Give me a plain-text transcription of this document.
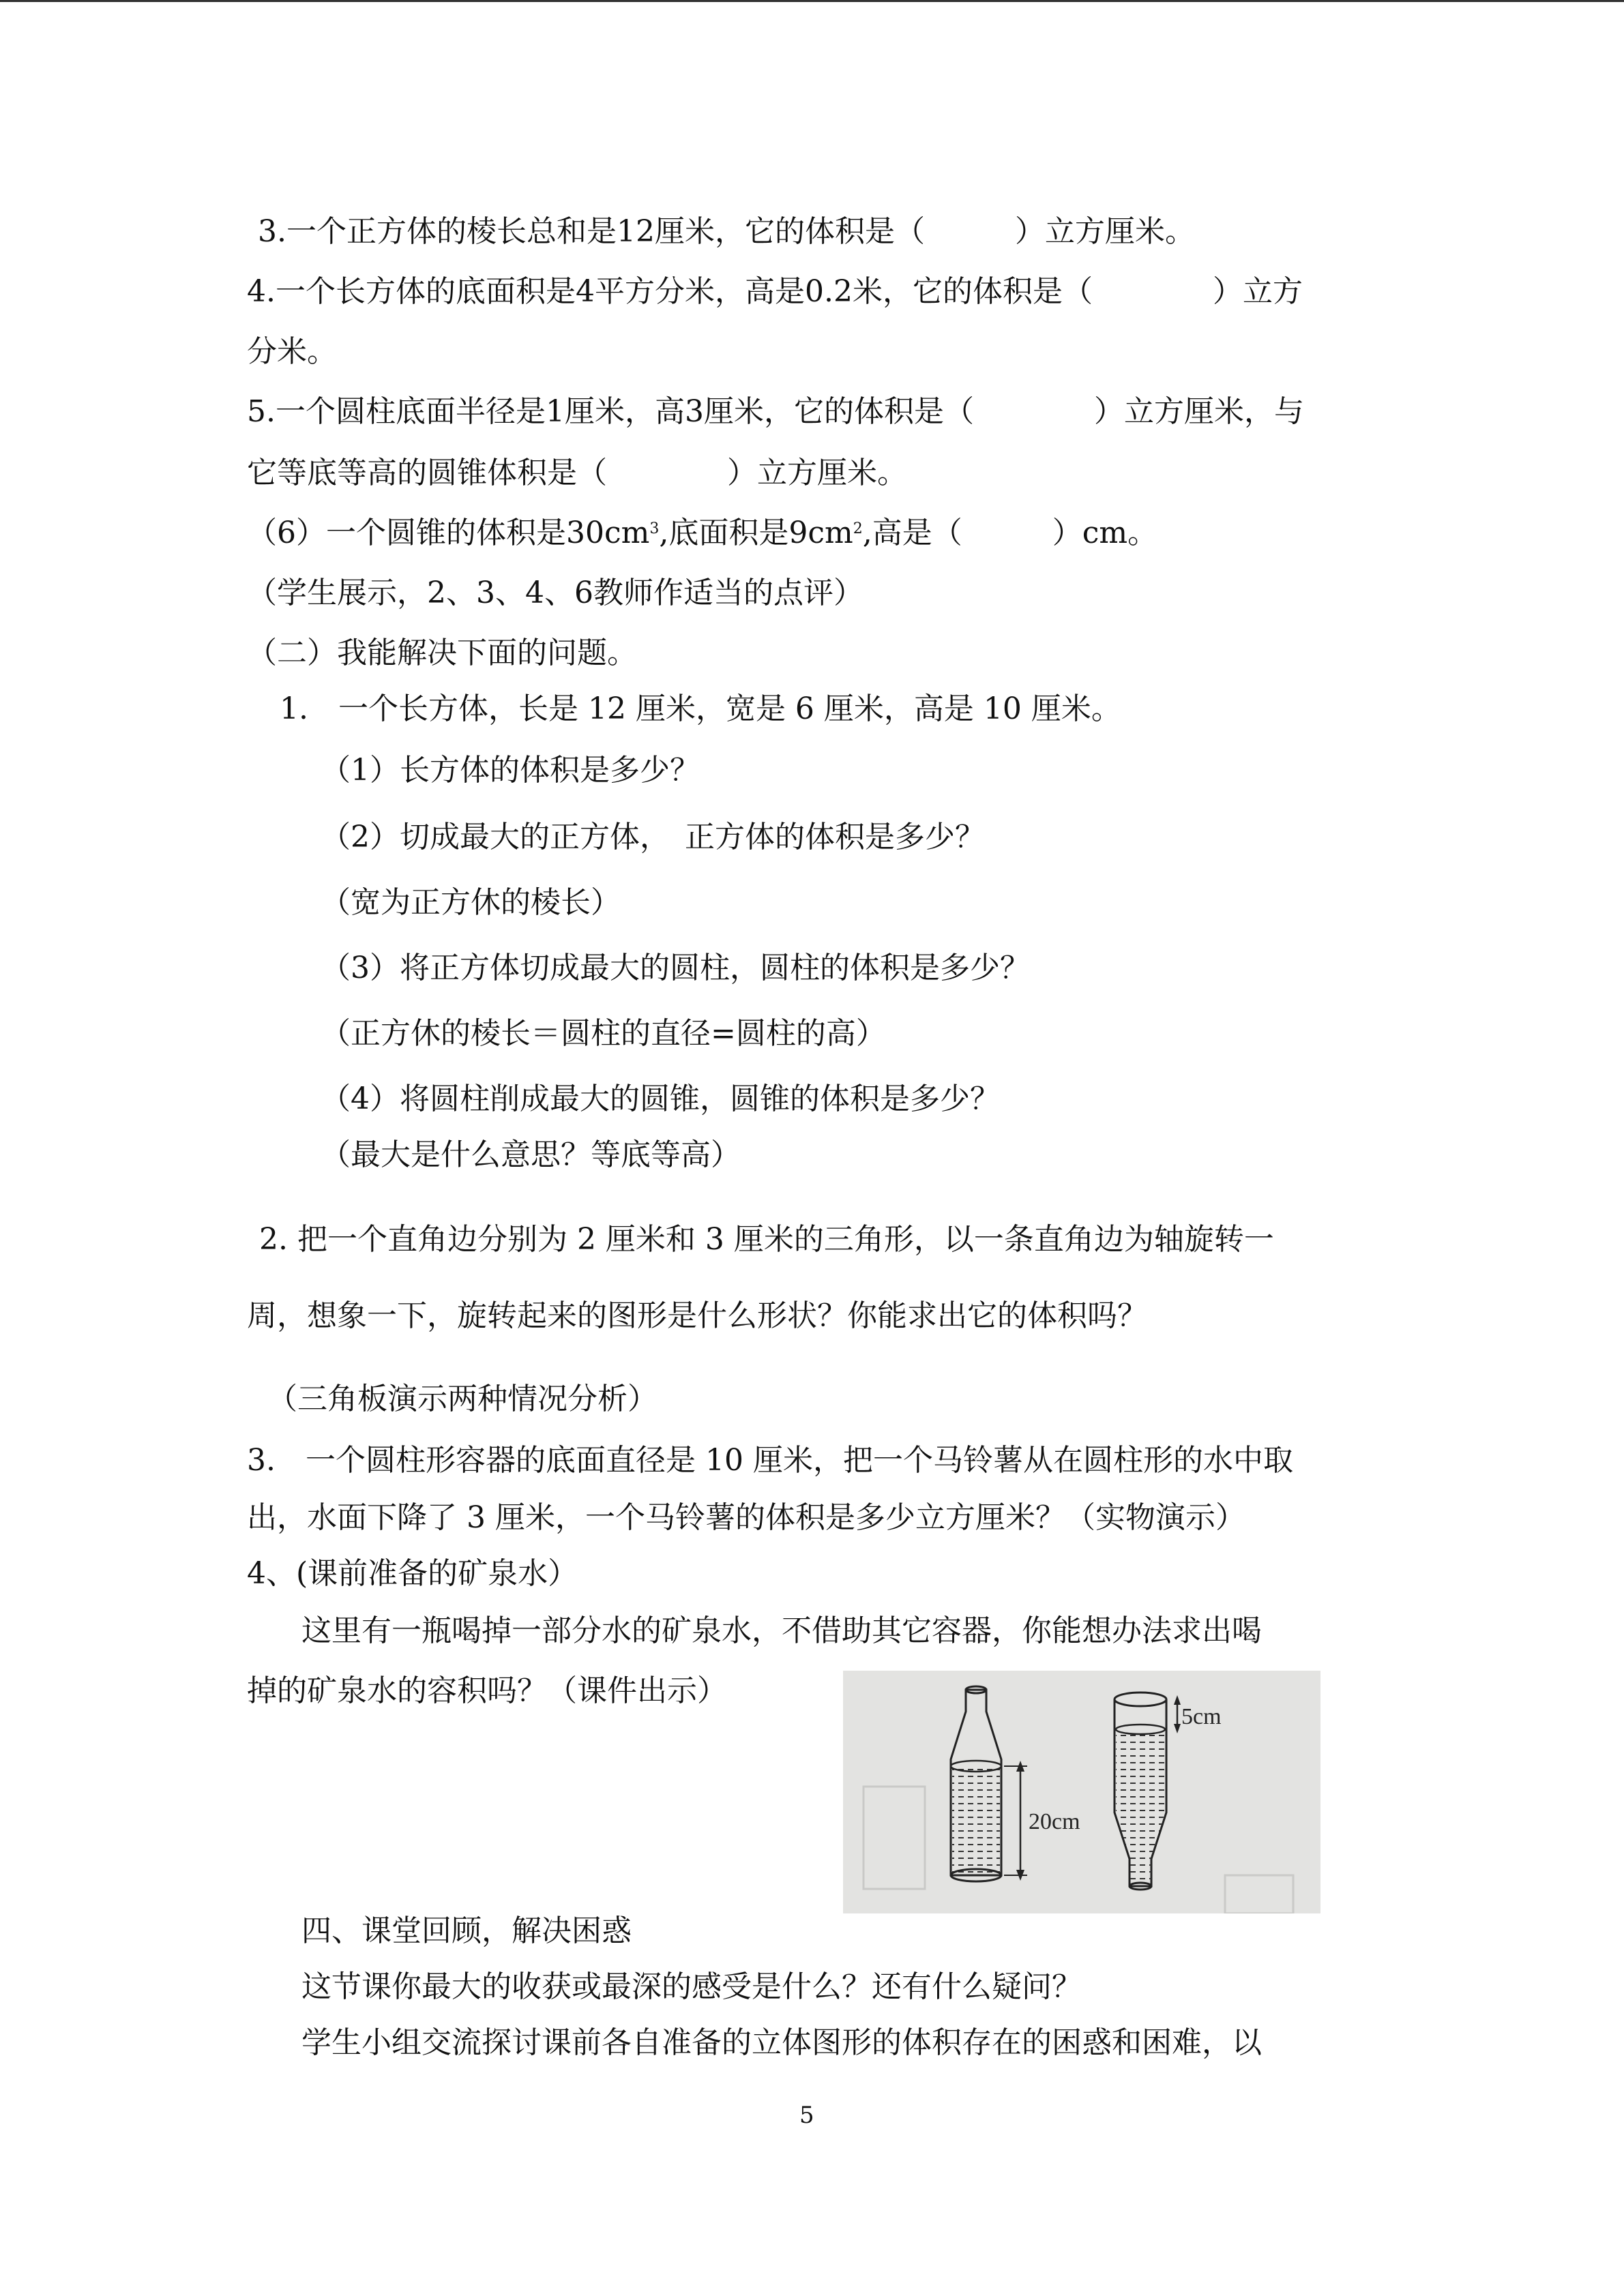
3.一个正方体的棱长总和是12厘米，它的体积是（　　　）立方厘米。

4.一个长方体的底面积是4平方分米，高是0.2米，它的体积是（　　　　）立方

分米。

5.一个圆柱底面半径是1厘米，高3厘米，它的体积是（　　　　）立方厘米，与

它等底等高的圆锥体积是（　　　　）立方厘米。

（6）一个圆锥的体积是$30cm^3$,底面积是$9cm^2$,高是（　　　）cm。

（学生展示，2、3、4、6教师作适当的点评）

（二）我能解决下面的问题。

1.　一个长方体，长是 12 厘米，宽是 6 厘米，高是 10 厘米。

（1）长方体的体积是多少？

（2）切成最大的正方体，　正方体的体积是多少？

（宽为正方休的棱长）

（3）将正方体切成最大的圆柱，圆柱的体积是多少？

（正方休的棱长＝圆柱的直径=圆柱的高）

（4）将圆柱削成最大的圆锥，圆锥的体积是多少？

（最大是什么意思？等底等高）

2. 把一个直角边分别为 2 厘米和 3 厘米的三角形，以一条直角边为轴旋转一

周，想象一下，旋转起来的图形是什么形状？你能求出它的体积吗？

（三角板演示两种情况分析）

3.　一个圆柱形容器的底面直径是 10 厘米，把一个马铃薯从在圆柱形的水中取

出，水面下降了 3 厘米，一个马铃薯的体积是多少立方厘米？（实物演示）

4、(课前准备的矿泉水）

这里有一瓶喝掉一部分水的矿泉水，不借助其它容器，你能想办法求出喝

掉的矿泉水的容积吗？（课件出示）

20cm
5cm

四、课堂回顾，解决困惑

这节课你最大的收获或最深的感受是什么？还有什么疑问？

学生小组交流探讨课前各自准备的立体图形的体积存在的困惑和困难，以

5
